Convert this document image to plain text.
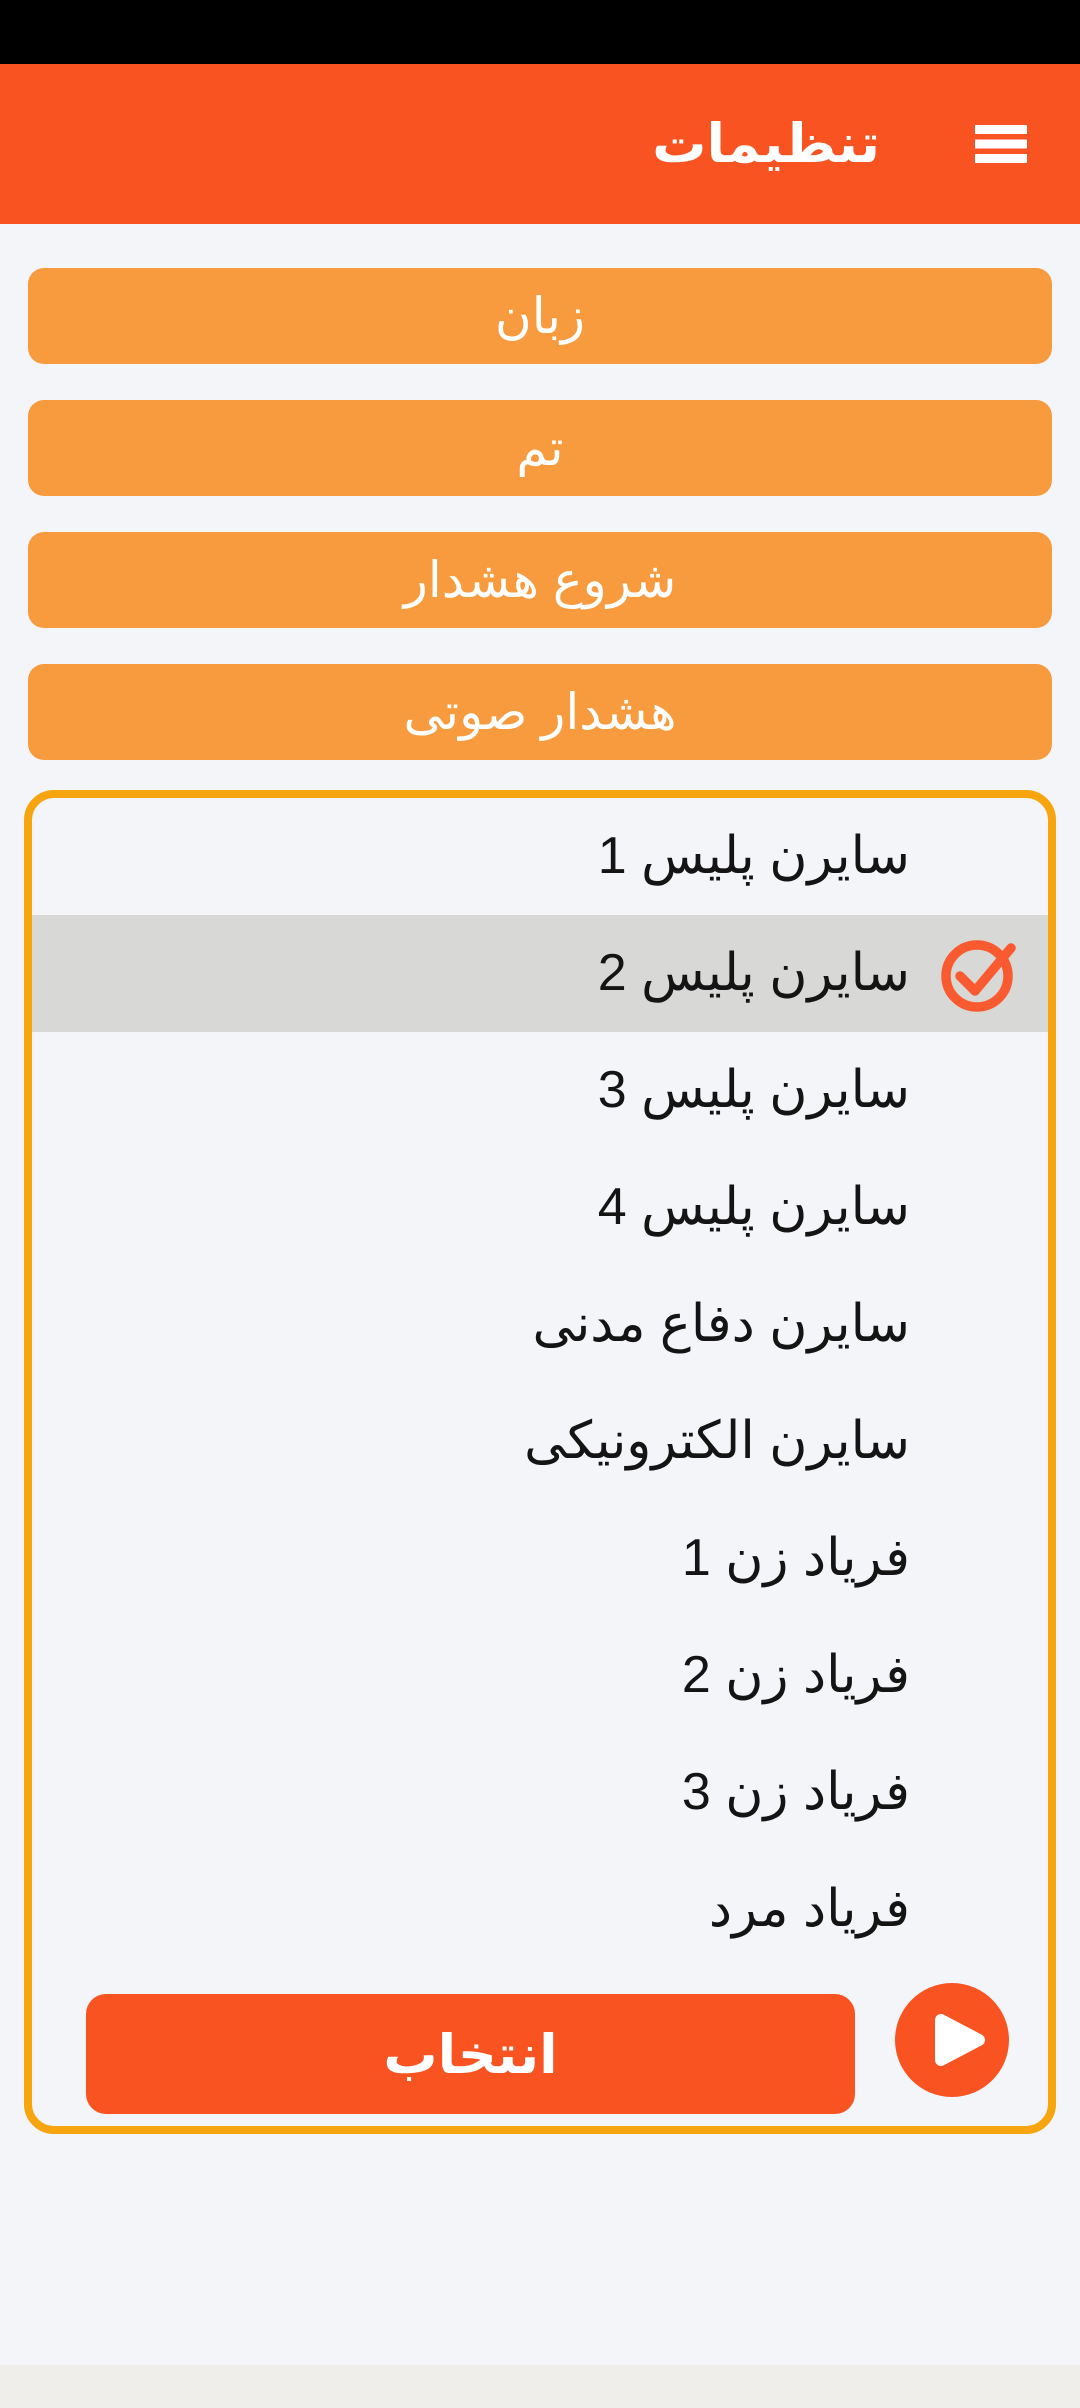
تنظیمات
زبان
تم
شروع هشدار
هشدار صوتی
سایرن پلیس 1
سایرن پلیس 2
سایرن پلیس 3
سایرن پلیس 4
سایرن دفاع مدنی
سایرن الکترونیکی
فریاد زن 1
فریاد زن 2
فریاد زن 3
فریاد مرد
انتخاب
